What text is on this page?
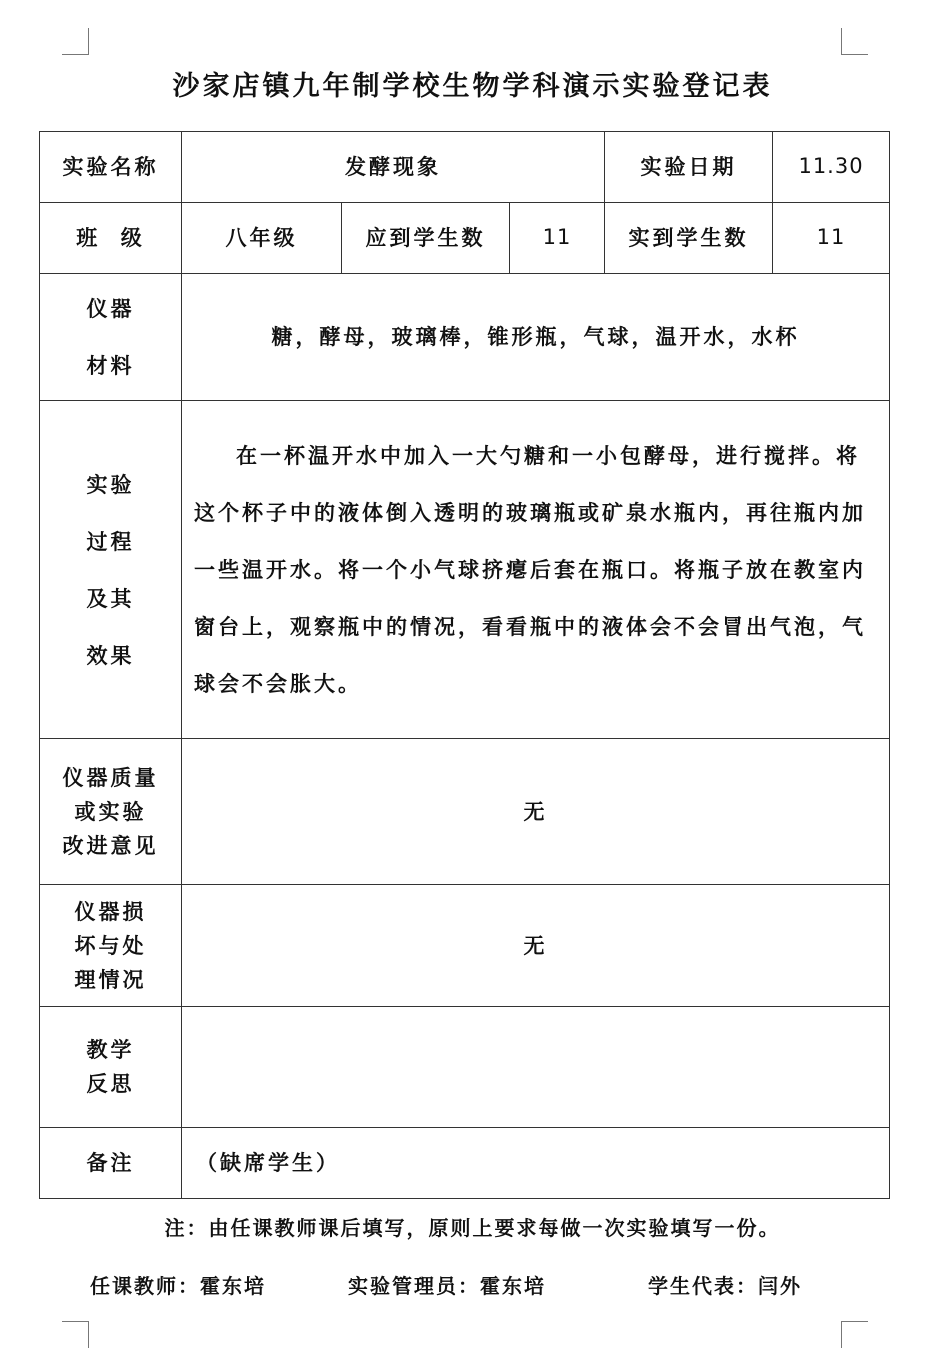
沙家店镇九年制学校生物学科演示实验登记表
实验名称	发酵现象			实验日期	11.30
班  级	八年级	应到学生数	11	实到学生数	11

仪器
材料	糖，酵母，玻璃棒，锥形瓶，气球，温开水，水杯				

实验
过程
及其
效果	在一杯温开水中加入一大勺糖和一小包酵母，进行搅拌。将这个杯子中的液体倒入透明的玻璃瓶或矿泉水瓶内，再往瓶内加一些温开水。将一个小气球挤瘪后套在瓶口。将瓶子放在教室内窗台上，观察瓶中的情况，看看瓶中的液体会不会冒出气泡，气球会不会胀大。				

仪器质量
或实验
改进意见	无				

仪器损
坏与处
理情况	无				

教学
反思					

备注	（缺席学生）				
注：由任课教师课后填写，原则上要求每做一次实验填写一份。
任课教师：霍东培	实验管理员：霍东培	学生代表：闫外
